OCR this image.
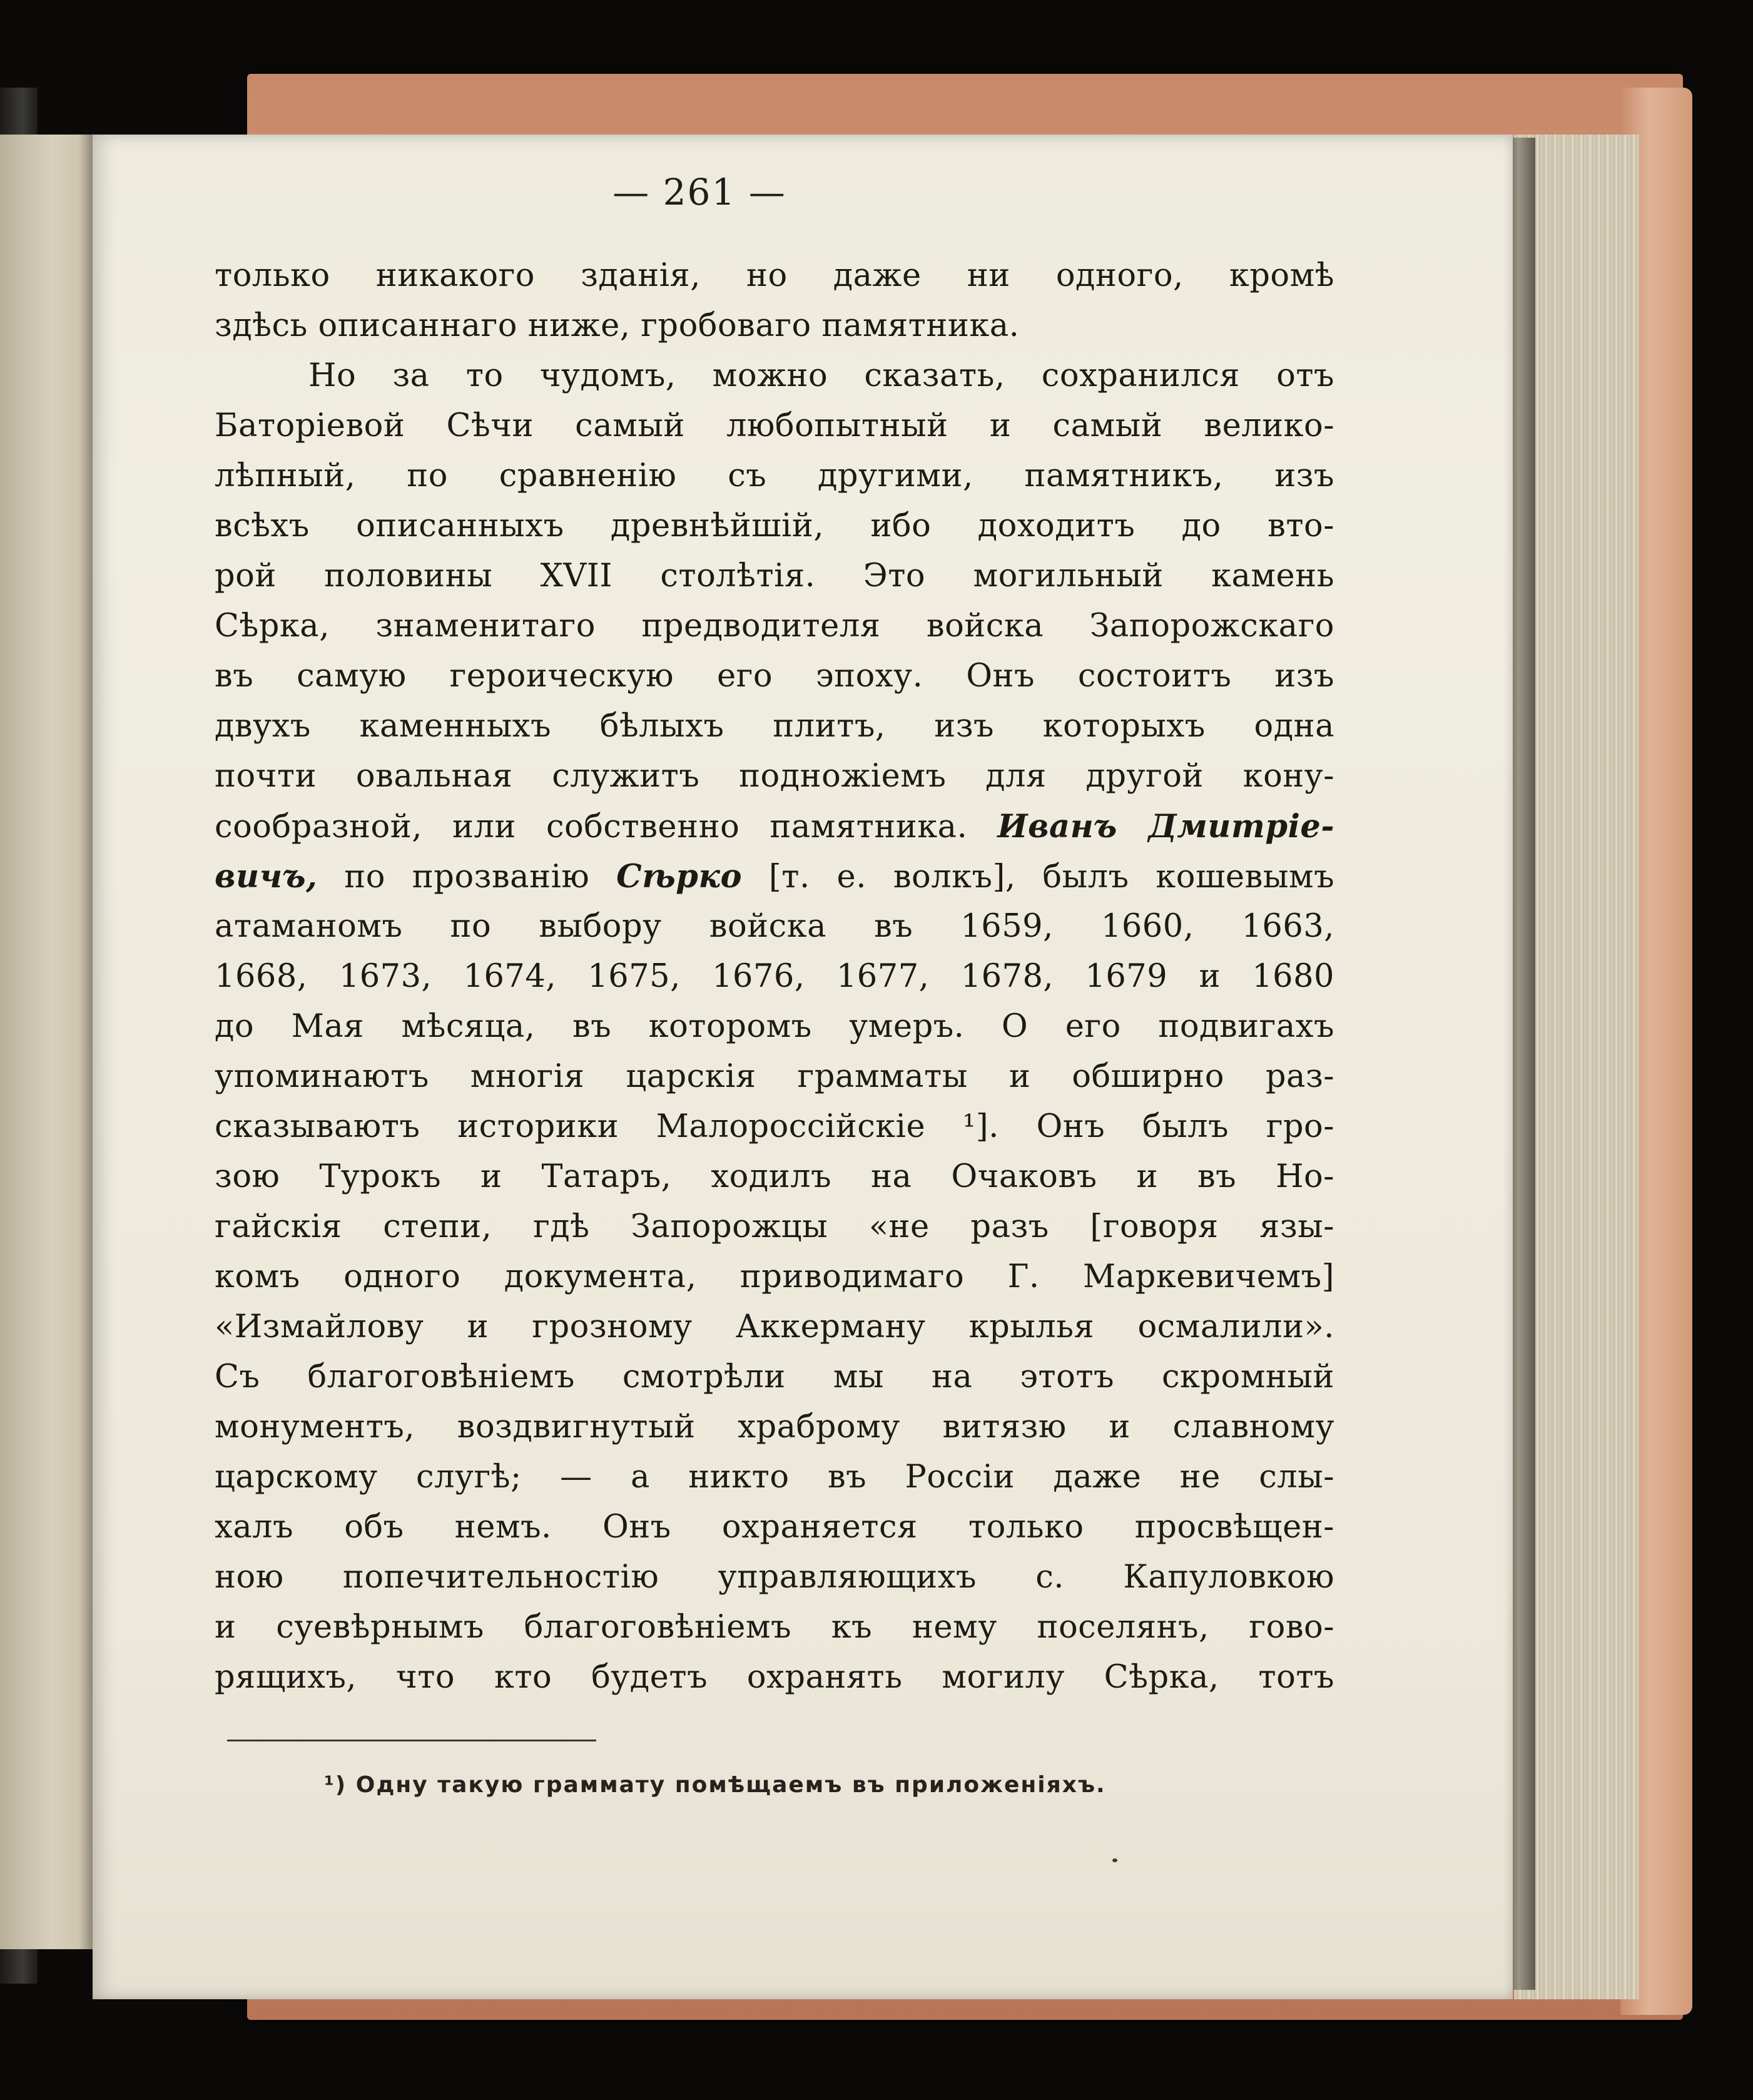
— 261 —
только никакого зданія, но даже ни одного, кромѣ
здѣсь описаннаго ниже, гробоваго памятника.
Но за то чудомъ, можно сказать, сохранился отъ
Баторіевой Сѣчи самый любопытный и самый велико-
лѣпный, по сравненію съ другими, памятникъ, изъ
всѣхъ описанныхъ древнѣйшій, ибо доходитъ до вто-
рой половины XVII столѣтія. Это могильный камень
Сѣрка, знаменитаго предводителя войска Запорожскаго
въ самую героическую его эпоху. Онъ состоитъ изъ
двухъ каменныхъ бѣлыхъ плитъ, изъ которыхъ одна
почти овальная служитъ подножіемъ для другой кону-
сообразной, или собственно памятника. Иванъ Дмитріе-
вичъ, по прозванію Сѣрко [т. е. волкъ], былъ кошевымъ
атаманомъ по выбору войска въ 1659, 1660, 1663,
1668, 1673, 1674, 1675, 1676, 1677, 1678, 1679 и 1680
до Мая мѣсяца, въ которомъ умеръ. О его подвигахъ
упоминаютъ многія царскія грамматы и обширно раз-
сказываютъ историки Малороссійскіе ¹]. Онъ былъ гро-
зою Турокъ и Татаръ, ходилъ на Очаковъ и въ Но-
гайскія степи, гдѣ Запорожцы «не разъ [говоря язы-
комъ одного документа, приводимаго Г. Маркевичемъ]
«Измайлову и грозному Аккерману крылья осмалили».
Съ благоговѣніемъ смотрѣли мы на этотъ скромный
монументъ, воздвигнутый храброму витязю и славному
царскому слугѣ; — а никто въ Россіи даже не слы-
халъ объ немъ. Онъ охраняется только просвѣщен-
ною попечительностію управляющихъ с. Капуловкою
и суевѣрнымъ благоговѣніемъ къ нему поселянъ, гово-
рящихъ, что кто будетъ охранять могилу Сѣрка, тотъ
¹) Одну такую граммату помѣщаемъ въ приложеніяхъ.
